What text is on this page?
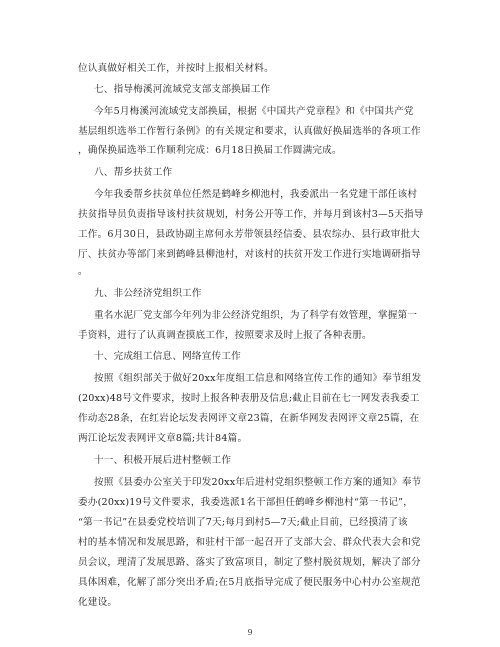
位认真做好相关工作，并按时上报相关材料。
七、指导梅溪河流域党支部支部换届工作
今年5月梅溪河流域党支部换届，根据《中国共产党章程》和《中国共产党
基层组织选举工作暂行条例》的有关规定和要求，认真做好换届选举的各项工作
，确保换届选举工作顺利完成：6月18日换届工作圆满完成。
八、帮乡扶贫工作
今年我委帮乡扶贫单位任然是鹤峰乡柳池村，我委派出一名党建干部任该村
扶贫指导员负责指导该村扶贫规划，村务公开等工作，并每月到该村3—5天指导
工作。6月30日，县政协副主席何永芳带领县经信委、县农综办、县行政审批大
厅、扶贫办等部门来到鹤峰县柳池村，对该村的扶贫开发工作进行实地调研指导
。
九、非公经济党组织工作
重名水泥厂党支部今年列为非公经济党组织，为了科学有效管理，掌握第一
手资料，进行了认真调查摸底工作，按照要求及时上报了各种表册。
十、完成组工信息、网络宣传工作
按照《组织部关于做好20xx年度组工信息和网络宣传工作的通知》奉节组发
(20xx)48号文件要求，按时上报各种表册及信息;截止目前在七一网发表我委工
作动态28条，在红岩论坛发表网评文章23篇，在新华网发表网评文章25篇，在
两江论坛发表网评文章8篇;共计84篇。
十一、积极开展后进村整顿工作
按照《县委办公室关于印发20xx年后进村党组织整顿工作方案的通知》奉节
委办(20xx)19号文件要求，我委选派1名干部担任鹤峰乡柳池村“第一书记”，
“第一书记”在县委党校培训了7天;每月到村5—7天;截止目前，已经摸清了该
村的基本情况和发展思路，和驻村干部一起召开了支部大会、群众代表大会和党
员会议，理清了发展思路、落实了致富项目，制定了整村脱贫规划，解决了部分
具体困难，化解了部分突出矛盾;在5月底指导完成了便民服务中心村办公室规范
化建设。
9
